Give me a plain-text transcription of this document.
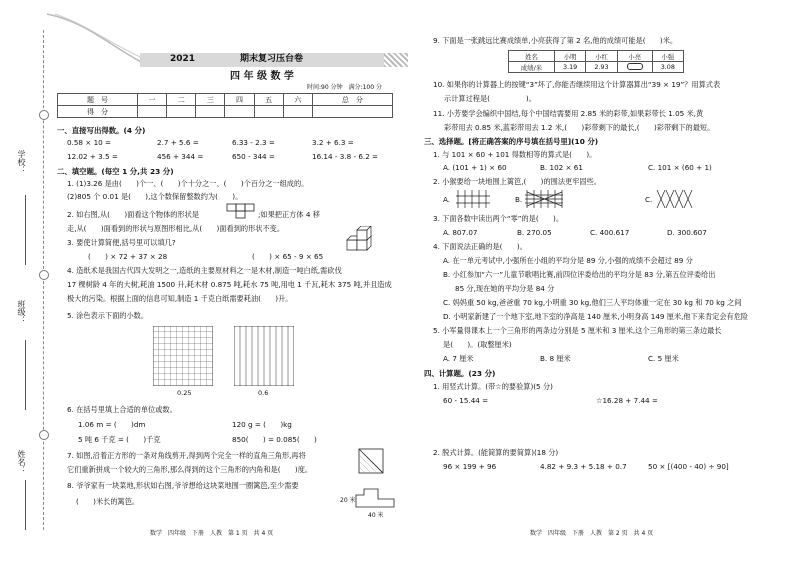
学校：
班级：
姓名：
2021	期末复习压台卷
四 年 级 数 学
时间:90 分钟　满分:100 分
题　号	一	二	三	四	五	六	总　分
得　分							
一、直接写出得数。(4 分)
0.58 × 10 =	2.7 + 5.6 =	6.33 - 2.3 =	3.2 + 6.3 =
12.02 + 3.5 =	456 + 344 =	650 - 344 =	16.14 - 3.8 - 6.2 =
二、填空题。(每空 1 分,共 23 分)
1. (1)3.26 是由(　　)个一、(　　)个十分之一、(　　)个百分之一组成的。
(2)805 个 0.01 是(　　),这个数保留整数约为(　　)。
2. 如右图,从(　　)面看这个物体的形状是	;如果把正方体 4 移
走,从(　　)面看到的形状与原图形相比,从(　　)面看到的形状不变。
3. 要使计算简便,括号里可以填几?
(　　) × 72 + 37 × 28	(　　) × 65 - 9 × 65
4. 造纸术是我国古代四大发明之一,造纸的主要原材料之一是木材,制造一吨白纸,需砍伐
17 棵树龄 4 年的大树,耗油 1500 升,耗木材 0.875 吨,耗水 75 吨,用电 1 千瓦,耗木 375 吨,并且造成
极大的污染。根据上面的信息可知,制造 1 千克白纸需要耗油(　　)升。
5. 涂色表示下面的小数。
0.25	0.6
6. 在括号里填上合适的单位或数。
1.06 m = (　　)dm	120 g = (　　)kg
5 吨 6 千克 = (　　)千克	850(　　) = 0.085(　　)
7. 如图,沿着正方形的一条对角线剪开,得到两个完全一样的直角三角形,再将
它们重新拼成一个较大的三角形,那么得到的这个三角形的内角和是(　　)度。
8. 爷爷家有一块菜地,形状如右图,爷爷想给这块菜地围一圈篱笆,至少需要
(　　)米长的篱笆。	20 米
40 米
数学　四年级　下册　人教　第 1 页　共 4 页
9. 下面是一张跳远比赛成绩单,小亮获得了第 2 名,他的成绩可能是(　　)米。
姓名	小明	小红	小亮	小强
成绩/米	3.19	2.93		3.08
10. 如果你的计算器上的按键“3”坏了,你能否继续用这个计算器算出“39 × 19”？用算式表
示计算过程是(　　　　　)。
11. 小芳要学会编织中国结,每个中国结需要用 2.85 米的彩带,如果彩带长 1.05 米,黄
彩带用去 0.85 米,蓝彩带用去 1.2 米,(　　)彩带剩下的最长,(　　)彩带剩下的最短。
三、选择题。[将正确答案的序号填在括号里](10 分)
1. 与 101 × 60 + 101 得数相等的算式是(　　)。
A. (101 + 1) × 60	B. 102 × 61	C. 101 × (60 + 1)
2. 小猴要给一块地围上篱笆,(　　)的围法更牢固些。
A.	B.	C.
3. 下面各数中读出两个“零”的是(　　)。
A. 807.07	B. 270.05	C. 400.617	D. 300.607
4. 下面说法正确的是(　　)。
A. 在一单元考试中,小强所在小组的平均分是 89 分,小强的成绩不会超过 89 分
B. 小红参加“六一”儿童节歌唱比赛,前四位评委给出的平均分是 83 分,第五位评委给出
85 分,现在她的平均分是 84 分
C. 妈妈重 50 kg,爸爸重 70 kg,小明重 30 kg,他们三人平均体重一定在 30 kg 和 70 kg 之间
D. 小明家新建了一个地下室,地下室的净高是 140 厘米,小明身高 149 厘米,他下来肯定会有危险
5. 小军量得课本上一个三角形的两条边分别是 5 厘米和 3 厘米,这个三角形的第三条边最长
是(　　)。(取整厘米)
A. 7 厘米	B. 8 厘米	C. 5 厘米
四、计算题。(23 分)
1. 用竖式计算。(带☆的要验算)(5 分)
60 - 15.44 =	☆16.28 + 7.44 =
2. 脱式计算。(能简算的要简算)(18 分)
96 × 199 + 96	4.82 + 9.3 + 5.18 + 0.7	50 × [(400 - 40) ÷ 90]
数学　四年级　下册　人教　第 2 页　共 4 页
